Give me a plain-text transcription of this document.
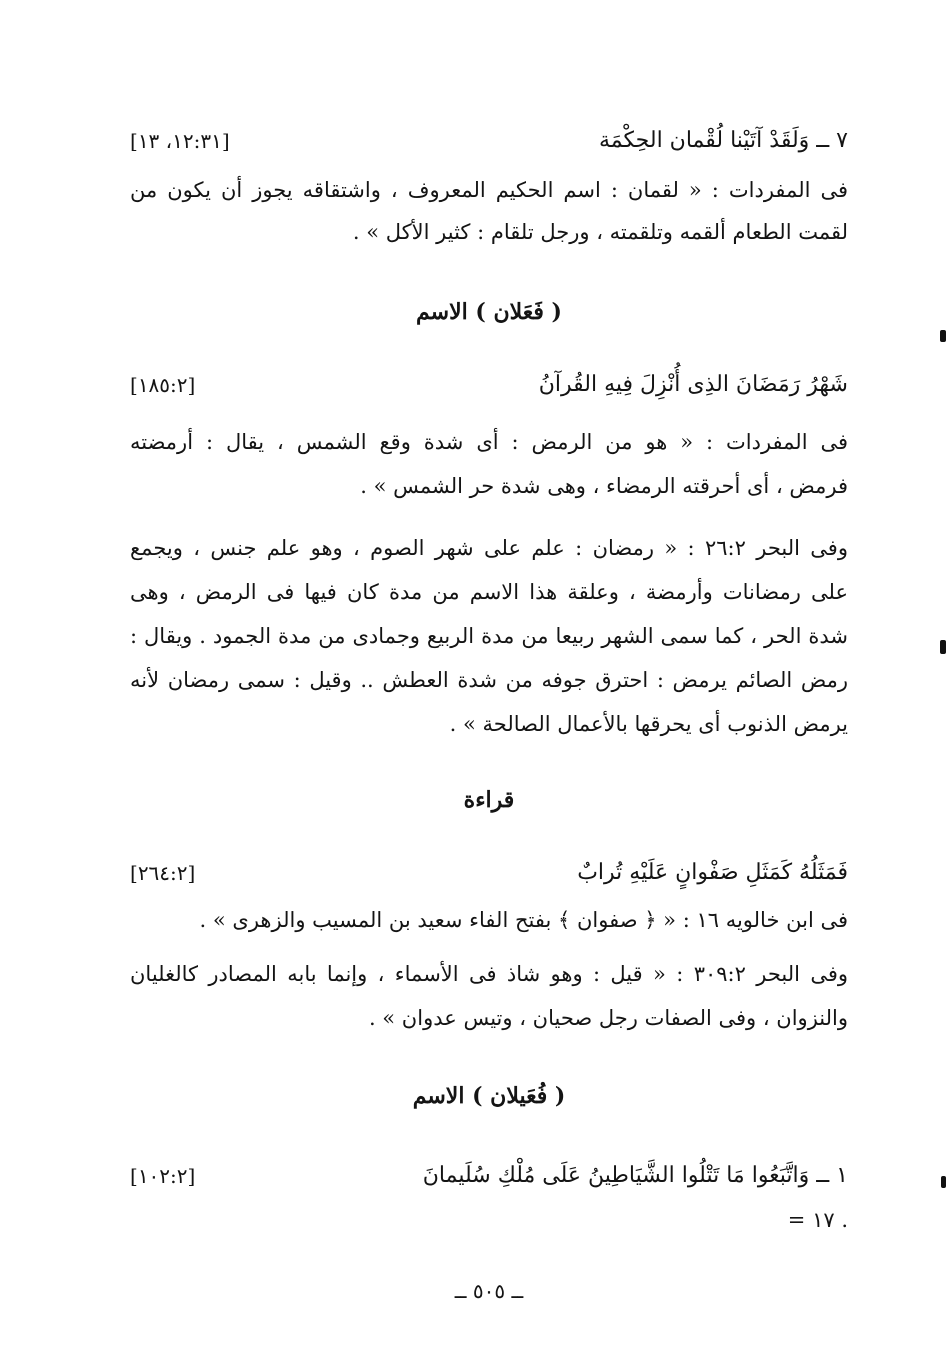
٧ ــ وَلَقَدْ آتَيْنا لُقْمان الحِكْمَة
[١٢:٣١، ١٣]
فى المفردات : « لقمان : اسم الحكيم المعروف ، واشتقاقه يجوز أن يكون من
لقمت الطعام ألقمه وتلقمته ، ورجل تلقام : كثير الأكل » .
( فَعَلان ) الاسم
شَهْرُ رَمَضَانَ الذِى أُنْزِلَ فِيهِ القُرآنُ
[١٨٥:٢]
فى المفردات : « هو من الرمض : أى شدة وقع الشمس ، يقال : أرمضته
فرمض ، أى أحرقته الرمضاء ، وهى شدة حر الشمس » .
وفى البحر ٢٦:٢ : « رمضان : علم على شهر الصوم ، وهو علم جنس ، ويجمع
على رمضانات وأرمضة ، وعلقة هذا الاسم من مدة كان فيها فى الرمض ، وهى
شدة الحر ، كما سمى الشهر ربيعا من مدة الربيع وجمادى من مدة الجمود . ويقال :
رمض الصائم يرمض : احترق جوفه من شدة العطش .. وقيل : سمى رمضان لأنه
يرمض الذنوب أى يحرقها بالأعمال الصالحة » .
قراءة
فَمَثَلُهُ كَمَثَلِ صَفْوانٍ عَلَيْهِ تُرابٌ
[٢٦٤:٢]
فى ابن خالويه ١٦ : « ﴿ صفوان ﴾ بفتح الفاء سعيد بن المسيب والزهرى » .
وفى البحر ٣٠٩:٢ : « قيل : وهو شاذ فى الأسماء ، وإنما بابه المصادر كالغليان
والنزوان ، وفى الصفات رجل صحيان ، وتيس عدوان » .
( فُعَيلان ) الاسم
١ ــ وَاتَّبَعُوا مَا تَتْلُوا الشَّيَاطِينُ عَلَى مُلْكِ سُلَيمانَ
[١٠٢:٢]
. ١٧ =
ــ ٥٠٥ ــ
